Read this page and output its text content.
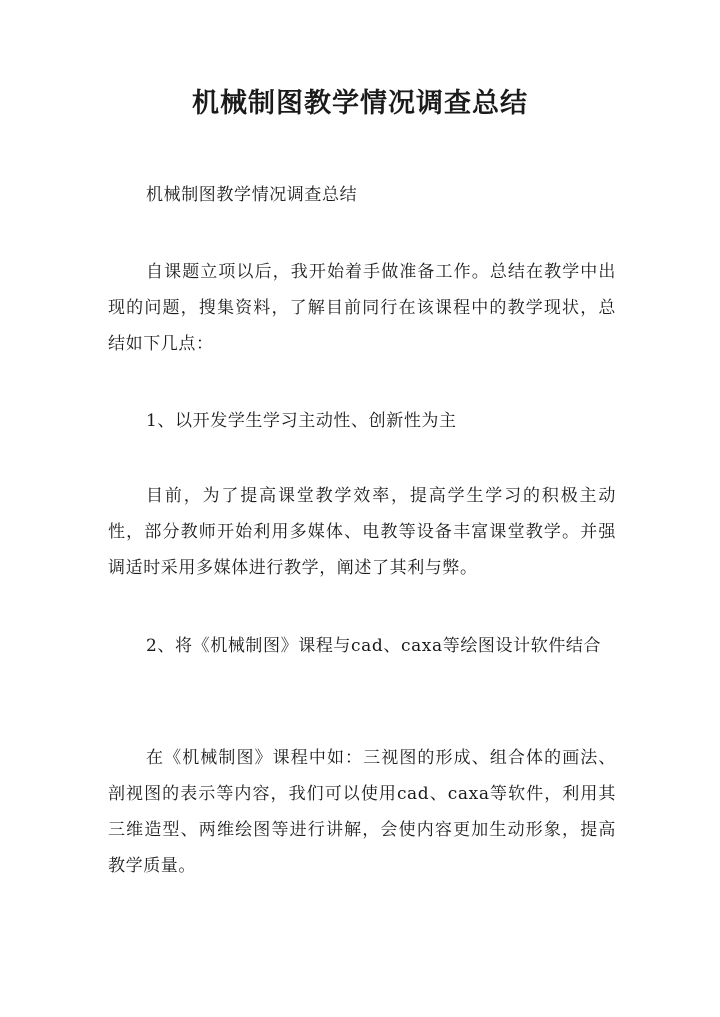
机械制图教学情况调查总结

机械制图教学情况调查总结

自课题立项以后，我开始着手做准备工作。总结在教学中出现的问题，搜集资料，了解目前同行在该课程中的教学现状，总结如下几点：

1、以开发学生学习主动性、创新性为主

目前，为了提高课堂教学效率，提高学生学习的积极主动性，部分教师开始利用多媒体、电教等设备丰富课堂教学。并强调适时采用多媒体进行教学，阐述了其利与弊。

2、将《机械制图》课程与cad、caxa等绘图设计软件结合

在《机械制图》课程中如：三视图的形成、组合体的画法、剖视图的表示等内容，我们可以使用cad、caxa等软件，利用其三维造型、两维绘图等进行讲解，会使内容更加生动形象，提高教学质量。
